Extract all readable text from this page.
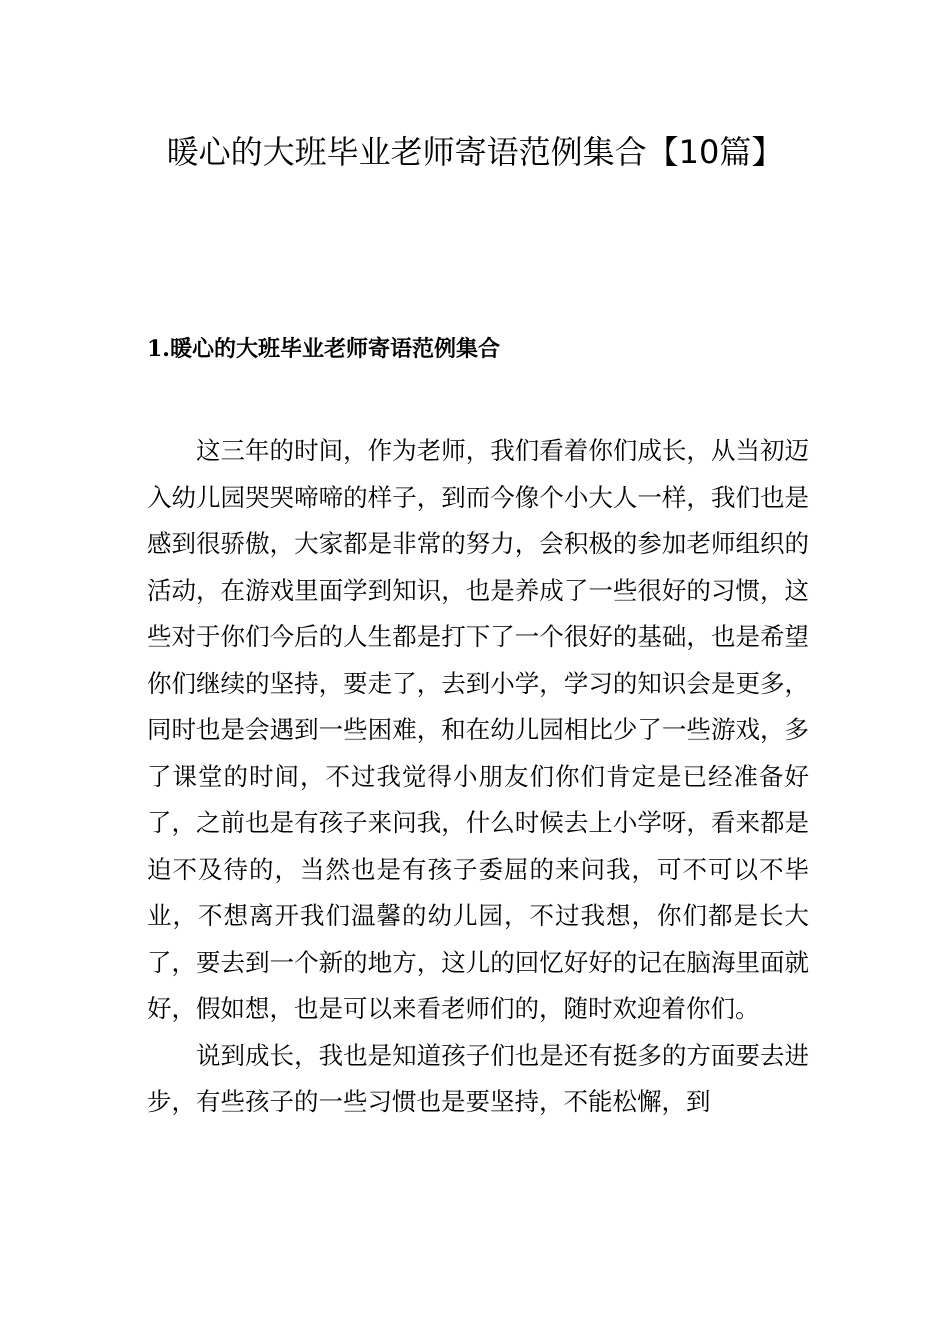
暖心的大班毕业老师寄语范例集合【10篇】
1.暖心的大班毕业老师寄语范例集合

这三年的时间，作为老师，我们看着你们成长，从当初迈入幼儿园哭哭啼啼的样子，到而今像个小大人一样，我们也是感到很骄傲，大家都是非常的努力，会积极的参加老师组织的活动，在游戏里面学到知识，也是养成了一些很好的习惯，这些对于你们今后的人生都是打下了一个很好的基础，也是希望你们继续的坚持，要走了，去到小学，学习的知识会是更多，同时也是会遇到一些困难，和在幼儿园相比少了一些游戏，多了课堂的时间，不过我觉得小朋友们你们肯定是已经准备好了，之前也是有孩子来问我，什么时候去上小学呀，看来都是迫不及待的，当然也是有孩子委屈的来问我，可不可以不毕业，不想离开我们温馨的幼儿园，不过我想，你们都是长大了，要去到一个新的地方，这儿的回忆好好的记在脑海里面就好，假如想，也是可以来看老师们的，随时欢迎着你们。

说到成长，我也是知道孩子们也是还有挺多的方面要去进步，有些孩子的一些习惯也是要坚持，不能松懈，到
